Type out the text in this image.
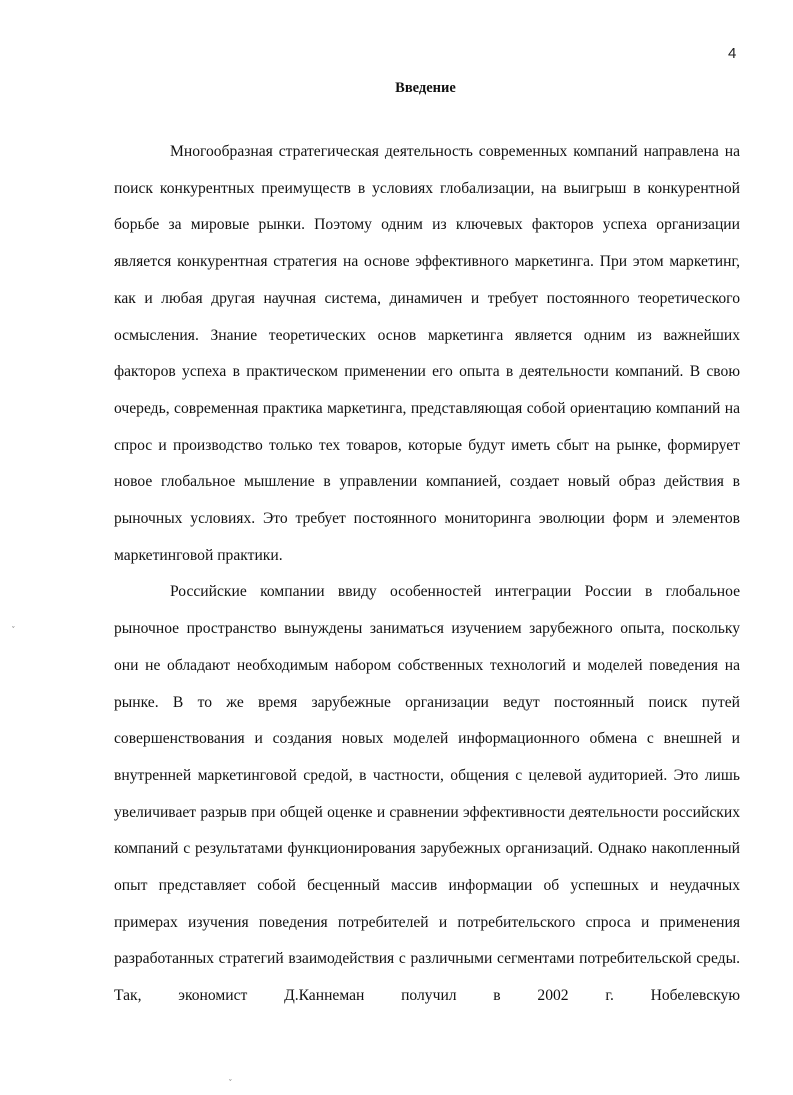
4
Введение

Многообразная стратегическая деятельность современных компаний направлена на поиск конкурентных преимуществ в условиях глобализации, на выигрыш в конкурентной борьбе за мировые рынки. Поэтому одним из ключевых факторов успеха организации является конкурентная стратегия на основе эффективного маркетинга. При этом маркетинг, как и любая другая научная система, динамичен и требует постоянного теоретического осмысления. Знание теоретических основ маркетинга является одним из важнейших факторов успеха в практическом применении его опыта в деятельности компаний. В свою очередь, современная практика маркетинга, представляющая собой ориентацию компаний на спрос и производство только тех товаров, которые будут иметь сбыт на рынке, формирует новое глобальное мышление в управлении компанией, создает новый образ действия в рыночных условиях. Это требует постоянного мониторинга эволюции форм и элементов маркетинговой практики.

Российские компании ввиду особенностей интеграции России в глобальное рыночное пространство вынуждены заниматься изучением зарубежного опыта, поскольку они не обладают необходимым набором собственных технологий и моделей поведения на рынке. В то же время зарубежные организации ведут постоянный поиск путей совершенствования и создания новых моделей информационного обмена с внешней и внутренней маркетинговой средой, в частности, общения с целевой аудиторией. Это лишь увеличивает разрыв при общей оценке и сравнении эффективности деятельности российских компаний с результатами функционирования зарубежных организаций. Однако накопленный опыт представляет собой бесценный массив информации об успешных и неудачных примерах изучения поведения потребителей и потребительского спроса и применения разработанных стратегий взаимодействия с различными сегментами потребительской среды. Так, экономист Д.Каннеман получил в 2002 г. Нобелевскую

ˇ
ˇ
